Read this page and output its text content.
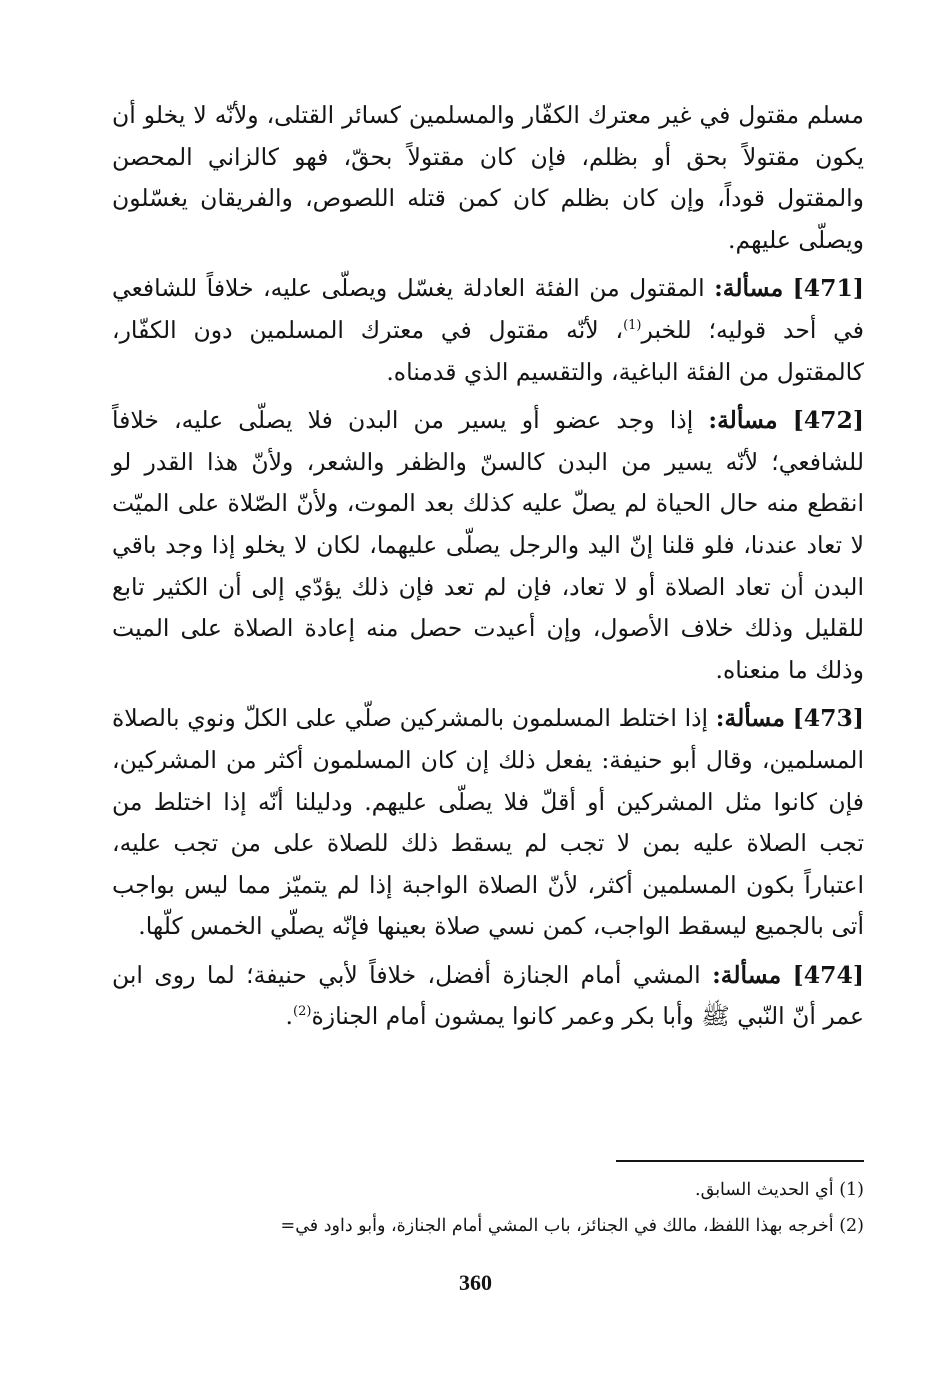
مسلم مقتول في غير معترك الكفّار والمسلمين كسائر القتلى، ولأنّه لا يخلو أن يكون مقتولاً بحق أو بظلم، فإن كان مقتولاً بحقّ، فهو كالزاني المحصن والمقتول قوداً، وإن كان بظلم كان كمن قتله اللصوص، والفريقان يغسّلون ويصلّى عليهم.

[471] مسألة: المقتول من الفئة العادلة يغسّل ويصلّى عليه، خلافاً للشافعي في أحد قوليه؛ للخبر$^{(1)}$، لأنّه مقتول في معترك المسلمين دون الكفّار، كالمقتول من الفئة الباغية، والتقسيم الذي قدمناه.

[472] مسألة: إذا وجد عضو أو يسير من البدن فلا يصلّى عليه، خلافاً للشافعي؛ لأنّه يسير من البدن كالسنّ والظفر والشعر، ولأنّ هذا القدر لو انقطع منه حال الحياة لم يصلّ عليه كذلك بعد الموت، ولأنّ الصّلاة على الميّت لا تعاد عندنا، فلو قلنا إنّ اليد والرجل يصلّى عليهما، لكان لا يخلو إذا وجد باقي البدن أن تعاد الصلاة أو لا تعاد، فإن لم تعد فإن ذلك يؤدّي إلى أن الكثير تابع للقليل وذلك خلاف الأصول، وإن أعيدت حصل منه إعادة الصلاة على الميت وذلك ما منعناه.

[473] مسألة: إذا اختلط المسلمون بالمشركين صلّي على الكلّ ونوي بالصلاة المسلمين، وقال أبو حنيفة: يفعل ذلك إن كان المسلمون أكثر من المشركين، فإن كانوا مثل المشركين أو أقلّ فلا يصلّى عليهم. ودليلنا أنّه إذا اختلط من تجب الصلاة عليه بمن لا تجب لم يسقط ذلك للصلاة على من تجب عليه، اعتباراً بكون المسلمين أكثر، لأنّ الصلاة الواجبة إذا لم يتميّز مما ليس بواجب أتى بالجميع ليسقط الواجب، كمن نسي صلاة بعينها فإنّه يصلّي الخمس كلّها.

[474] مسألة: المشي أمام الجنازة أفضل، خلافاً لأبي حنيفة؛ لما روى ابن عمر أنّ النّبي ﷺ وأبا بكر وعمر كانوا يمشون أمام الجنازة$^{(2)}$.

(1) أي الحديث السابق.

(2) أخرجه بهذا اللفظ، مالك في الجنائز، باب المشي أمام الجنازة، وأبو داود في=

360
